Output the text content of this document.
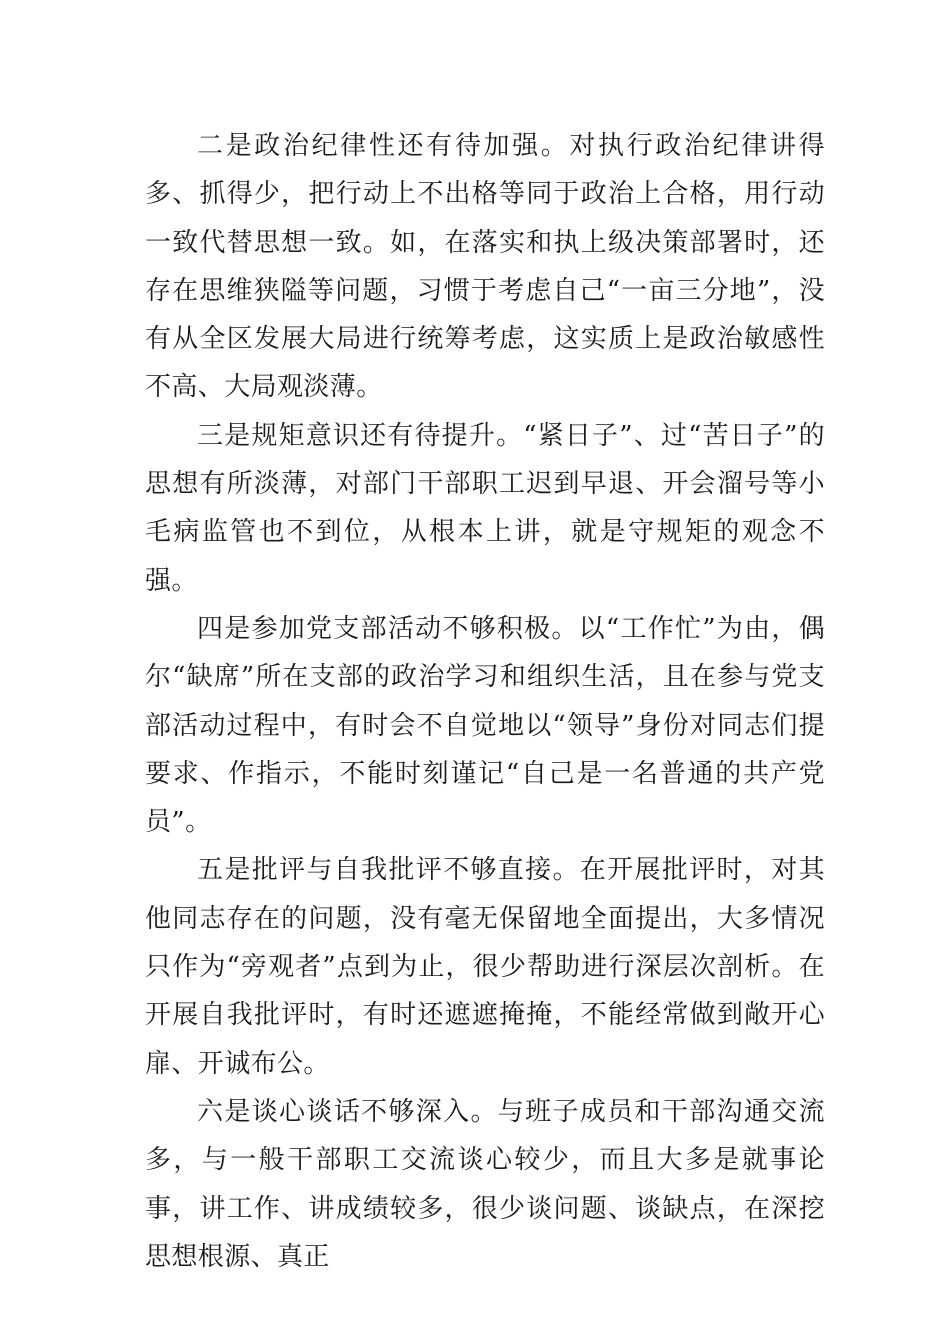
二是政治纪律性还有待加强。对执行政治纪律讲得多、抓得少，把行动上不出格等同于政治上合格，用行动一致代替思想一致。如，在落实和执上级决策部署时，还存在思维狭隘等问题，习惯于考虑自己“一亩三分地”，没有从全区发展大局进行统筹考虑，这实质上是政治敏感性不高、大局观淡薄。

三是规矩意识还有待提升。“紧日子”、过“苦日子”的思想有所淡薄，对部门干部职工迟到早退、开会溜号等小毛病监管也不到位，从根本上讲，就是守规矩的观念不强。

四是参加党支部活动不够积极。以“工作忙”为由，偶尔“缺席”所在支部的政治学习和组织生活，且在参与党支部活动过程中，有时会不自觉地以“领导”身份对同志们提要求、作指示，不能时刻谨记“自己是一名普通的共产党员”。

五是批评与自我批评不够直接。在开展批评时，对其他同志存在的问题，没有毫无保留地全面提出，大多情况只作为“旁观者”点到为止，很少帮助进行深层次剖析。在开展自我批评时，有时还遮遮掩掩，不能经常做到敞开心扉、开诚布公。

六是谈心谈话不够深入。与班子成员和干部沟通交流多，与一般干部职工交流谈心较少，而且大多是就事论事，讲工作、讲成绩较多，很少谈问题、谈缺点，在深挖思想根源、真正
